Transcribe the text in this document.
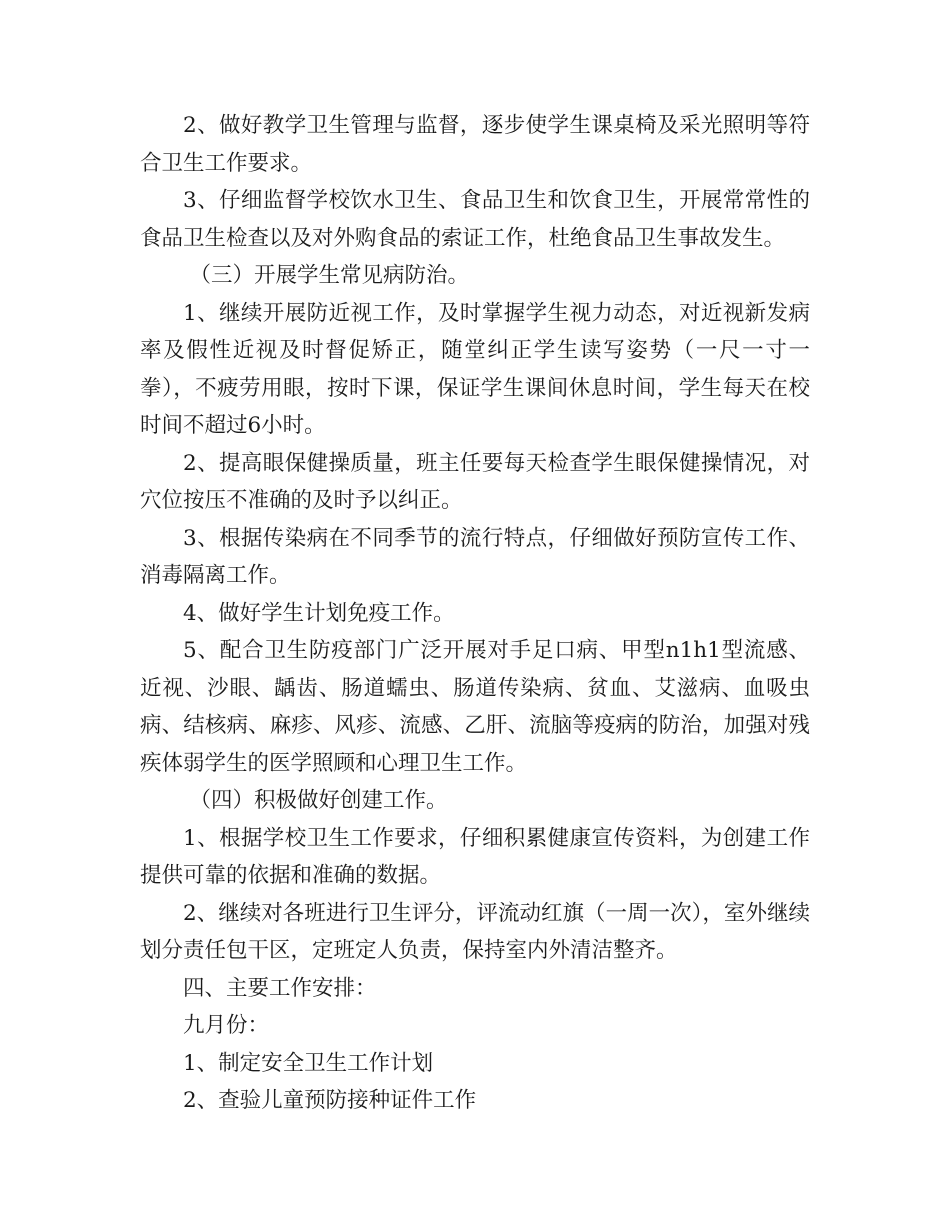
2、做好教学卫生管理与监督，逐步使学生课桌椅及采光照明等符合卫生工作要求。

3、仔细监督学校饮水卫生、食品卫生和饮食卫生，开展常常性的食品卫生检查以及对外购食品的索证工作，杜绝食品卫生事故发生。

（三）开展学生常见病防治。

1、继续开展防近视工作，及时掌握学生视力动态，对近视新发病率及假性近视及时督促矫正，随堂纠正学生读写姿势（一尺一寸一拳），不疲劳用眼，按时下课，保证学生课间休息时间，学生每天在校时间不超过6小时。

2、提高眼保健操质量，班主任要每天检查学生眼保健操情况，对穴位按压不准确的及时予以纠正。

3、根据传染病在不同季节的流行特点，仔细做好预防宣传工作、消毒隔离工作。

4、做好学生计划免疫工作。

5、配合卫生防疫部门广泛开展对手足口病、甲型n1h1型流感、近视、沙眼、龋齿、肠道蠕虫、肠道传染病、贫血、艾滋病、血吸虫病、结核病、麻疹、风疹、流感、乙肝、流脑等疫病的防治，加强对残疾体弱学生的医学照顾和心理卫生工作。

（四）积极做好创建工作。

1、根据学校卫生工作要求，仔细积累健康宣传资料，为创建工作提供可靠的依据和准确的数据。

2、继续对各班进行卫生评分，评流动红旗（一周一次），室外继续划分责任包干区，定班定人负责，保持室内外清洁整齐。

四、主要工作安排：

九月份：

1、制定安全卫生工作计划

2、查验儿童预防接种证件工作
